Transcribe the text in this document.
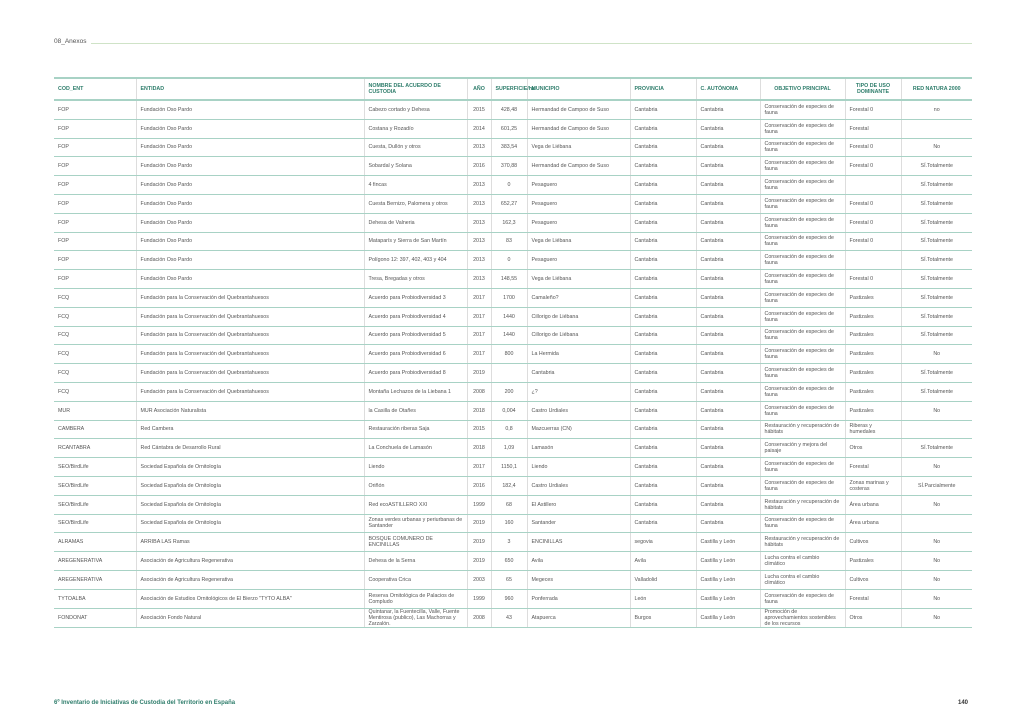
08_Anexos
COD_ENT	ENTIDAD	NOMBRE DEL ACUERDO DE CUSTODIA	AÑO	SUPERFICIE/ha	MUNICIPIO	PROVINCIA	C. AUTÓNOMA	OBJETIVO PRINCIPAL	TIPO DE USO DOMINANTE	RED NATURA 2000
FOP	Fundación Oso Pardo	Cabezo cortado y Dehesa	2015	428,48	Hermandad de Campoo de Suso	Cantabria	Cantabria	Conservación de especies de fauna	Forestal 0	no
FOP	Fundación Oso Pardo	Costana y Rozadío	2014	601,25	Hermandad de Campoo de Suso	Cantabria	Cantabria	Conservación de especies de fauna	Forestal	
FOP	Fundación Oso Pardo	Cuesta, Dullón y otros	2013	383,54	Vega de Liébana	Cantabria	Cantabria	Conservación de especies de fauna	Forestal 0	No
FOP	Fundación Oso Pardo	Sobardal y Solana	2016	370,88	Hermandad de Campoo de Suso	Cantabria	Cantabria	Conservación de especies de fauna	Forestal 0	SÍ.Totalmente
FOP	Fundación Oso Pardo	4 fincas	2013	0	Pesaguero	Cantabria	Cantabria	Conservación de especies de fauna		SÍ.Totalmente
FOP	Fundación Oso Pardo	Cuesta Bernizo, Palomera y otros	2013	652,27	Pesaguero	Cantabria	Cantabria	Conservación de especies de fauna	Forestal 0	SÍ.Totalmente
FOP	Fundación Oso Pardo	Dehesa de Valneria	2013	162,3	Pesaguero	Cantabria	Cantabria	Conservación de especies de fauna	Forestal 0	SÍ.Totalmente
FOP	Fundación Oso Pardo	Mataparís y Sierra de San Martín	2013	83	Vega de Liébana	Cantabria	Cantabria	Conservación de especies de fauna	Forestal 0	SÍ.Totalmente
FOP	Fundación Oso Pardo	Polígono 12: 397, 402, 403 y 404	2013	0	Pesaguero	Cantabria	Cantabria	Conservación de especies de fauna		SÍ.Totalmente
FOP	Fundación Oso Pardo	Tresa, Bregadas y otros	2013	148,55	Vega de Liébana	Cantabria	Cantabria	Conservación de especies de fauna	Forestal 0	SÍ.Totalmente
FCQ	Fundación para la Conservación del Quebrantahuesos	Acuerdo para Probiodiversidad 3	2017	1700	Camaleño?	Cantabria	Cantabria	Conservación de especies de fauna	Pastizales	SÍ.Totalmente
FCQ	Fundación para la Conservación del Quebrantahuesos	Acuerdo para Probiodiversidad 4	2017	1440	Cillorigo de Liébana	Cantabria	Cantabria	Conservación de especies de fauna	Pastizales	SÍ.Totalmente
FCQ	Fundación para la Conservación del Quebrantahuesos	Acuerdo para Probiodiversidad 5	2017	1440	Cillorigo de Liébana	Cantabria	Cantabria	Conservación de especies de fauna	Pastizales	SÍ.Totalmente
FCQ	Fundación para la Conservación del Quebrantahuesos	Acuerdo para Probiodiversidad 6	2017	800	La Hermida	Cantabria	Cantabria	Conservación de especies de fauna	Pastizales	No
FCQ	Fundación para la Conservación del Quebrantahuesos	Acuerdo para Probiodiversidad 8	2019		Cantabria	Cantabria	Cantabria	Conservación de especies de fauna	Pastizales	SÍ.Totalmente
FCQ	Fundación para la Conservación del Quebrantahuesos	Montaña Lechazos de la Liebana 1	2008	200	¿?	Cantabria	Cantabria	Conservación de especies de fauna	Pastizales	SÍ.Totalmente
MUR	MUR Asociación Naturalista	la Casilla de Otañes	2018	0,004	Castro Urdiales	Cantabria	Cantabria	Conservación de especies de fauna	Pastizales	No
CAMBERA	Red Cambera	Restauración riberas Saja	2015	0,8	Mazcuerras (CN)	Cantabria	Cantabria	Restauración y recuperación de hábitats	Riberas y humedales	
RCANTABRA	Red Cántabra de Desarrollo Rural	La Conchuela de Lamasón	2018	1,09	Lamasón	Cantabria	Cantabria	Conservación y mejora del paisaje	Otros	SÍ.Totalmente
SEO/BirdLife	Sociedad Española de Ornitología	Liendo	2017	1150,1	Liendo	Cantabria	Cantabria	Conservación de especies de fauna	Forestal	No
SEO/BirdLife	Sociedad Española de Ornitología	Oriñón	2016	182,4	Castro Urdiales	Cantabria	Cantabria	Conservación de especies de fauna	Zonas marinas y costeras	SÍ.Parcialmente
SEO/BirdLife	Sociedad Española de Ornitología	Red ecoASTILLERO XXI	1999	68	El Astillero	Cantabria	Cantabria	Restauración y recuperación de hábitats	Área urbana	No
SEO/BirdLife	Sociedad Española de Ornitología	Zonas verdes urbanas y periurbanas de Santander	2019	160	Santander	Cantabria	Cantabria	Conservación de especies de fauna	Área urbana	
ALRAMAS	ARRIBA LAS Ramas	BOSQUE COMUNERO DE ENCINILLAS	2019	3	ENCINILLAS	segovia	Castilla y León	Restauración y recuperación de hábitats	Cultivos	No
AREGENERATIVA	Asociación de Agricultura Regenerativa	Dehesa de la Serna	2019	650	Avila	Avila	Castilla y León	Lucha contra el cambio climático	Pastizales	No
AREGENERATIVA	Asociación de Agricultura Regenerativa	Cooperativa Crica	2003	65	Megeces	Valladolid	Castilla y León	Lucha contra el cambio climático	Cultivos	No
TYTOALBA	Asociación de Estudios Ornitológicos de El Bierzo "TYTO ALBA"	Reserva Ornitológica de Palacios de Compludo	1999	960	Ponferrada	León	Castilla y León	Conservación de especies de fauna	Forestal	No
FONDONAT	Asociación Fondo Natural	Quintanar, la Fuentecilla, Valle, Fuente Mentirosa (publico), Las Machorras y Zarzalón.	2008	43	Atapuerca	Burgos	Castilla y León	Promoción de aprovechamientos sostenibles de los recursos	Otros	No
6º Inventario de Iniciativas de Custodia del Territorio en España	140
